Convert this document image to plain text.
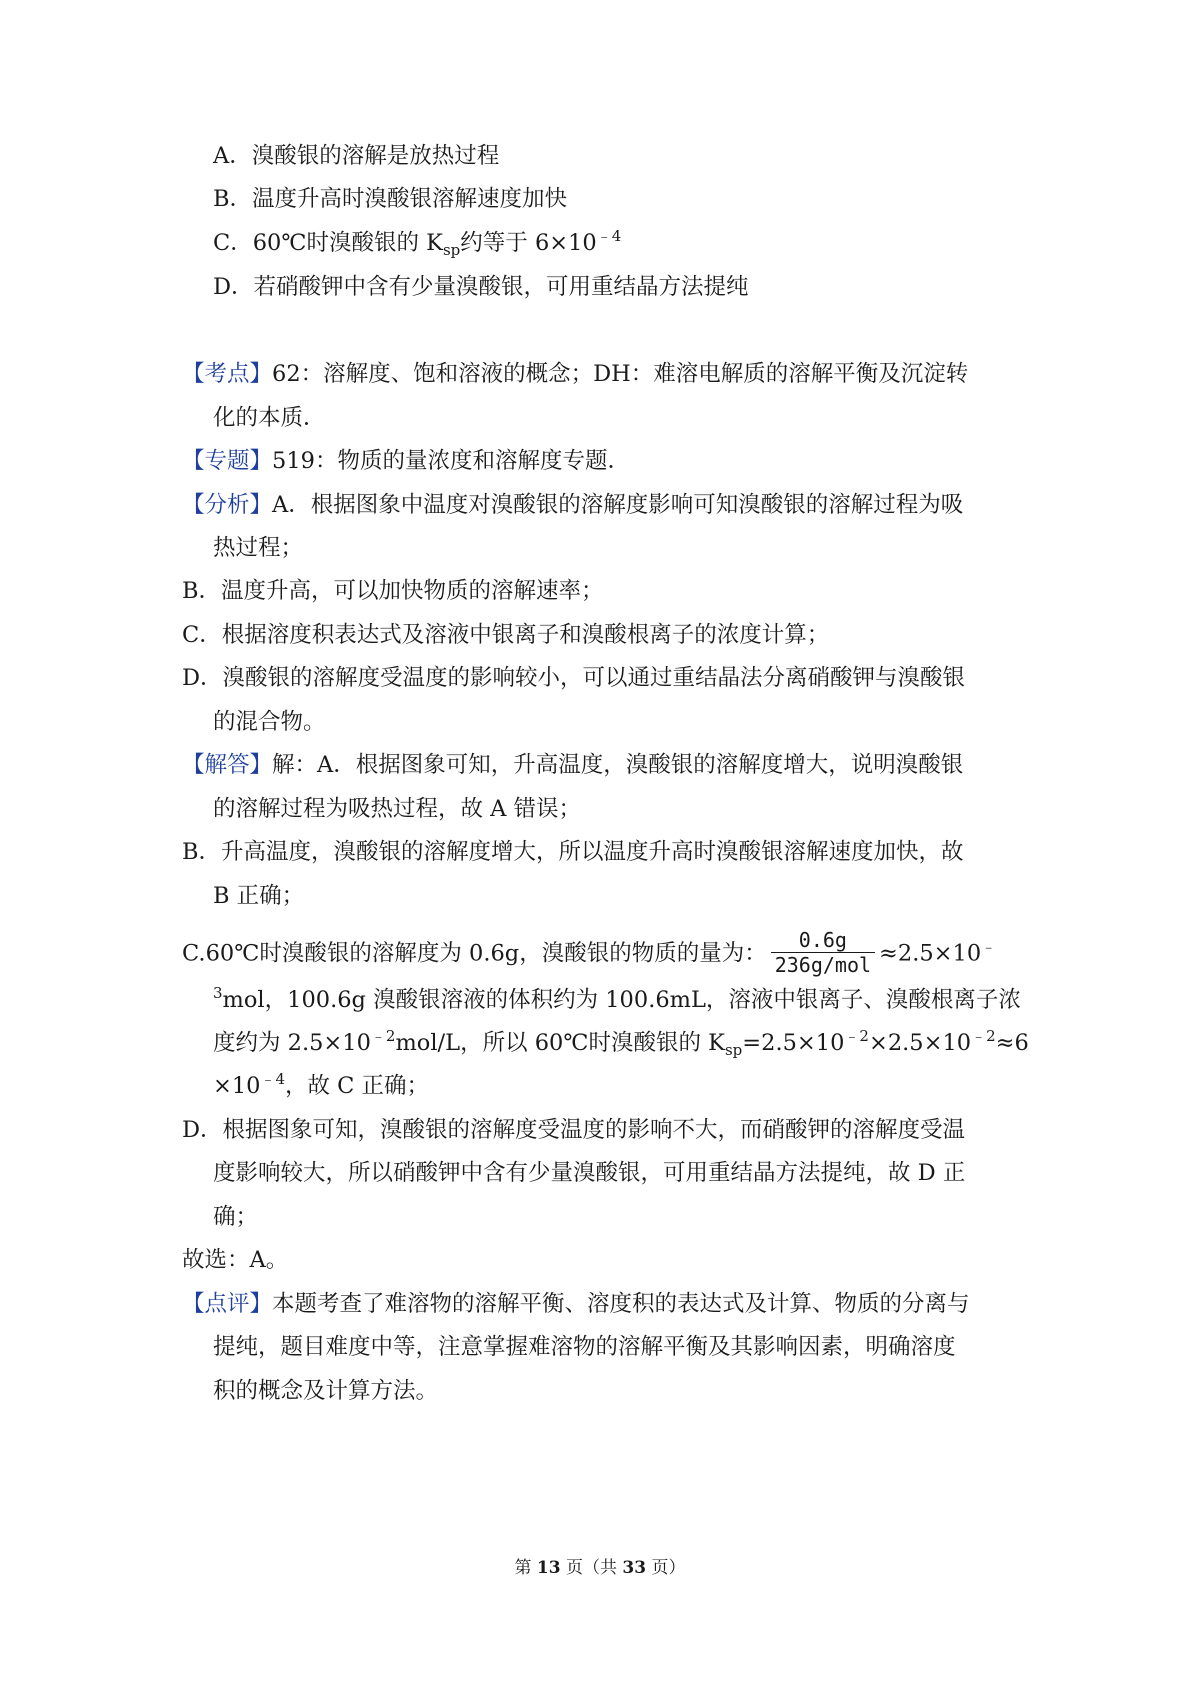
A．溴酸银的溶解是放热过程
B．温度升高时溴酸银溶解速度加快
C．60℃时溴酸银的 $K_{sp}$约等于 $6\times 10^{﹣4}$
D．若硝酸钾中含有少量溴酸银，可用重结晶方法提纯
【考点】62：溶解度、饱和溶液的概念；DH：难溶电解质的溶解平衡及沉淀转
化的本质．
【专题】519：物质的量浓度和溶解度专题．
【分析】A．根据图象中温度对溴酸银的溶解度影响可知溴酸银的溶解过程为吸
热过程；
B．温度升高，可以加快物质的溶解速率；
C．根据溶度积表达式及溶液中银离子和溴酸根离子的浓度计算；
D．溴酸银的溶解度受温度的影响较小，可以通过重结晶法分离硝酸钾与溴酸银
的混合物。
【解答】解：A．根据图象可知，升高温度，溴酸银的溶解度增大，说明溴酸银
的溶解过程为吸热过程，故 A 错误；
B．升高温度，溴酸银的溶解度增大，所以温度升高时溴酸银溶解速度加快，故
B 正确；
C.60℃时溴酸银的溶解度为 0.6g，溴酸银的物质的量为： $\frac{0.6g}{\text{236g/mol}} \approx 2.5\times 10^﹣$
$^3$mol，100.6g 溴酸银溶液的体积约为 100.6mL，溶液中银离子、溴酸根离子浓
度约为 $2.5\times 10^{﹣2}mol/L$，所以 60℃时溴酸银的 $K_{sp}=2.5\times 10^{﹣2}\times 2.5\times 10^{﹣2}\approx 6$
$\times 10^{﹣4}$，故 C 正确；
D．根据图象可知，溴酸银的溶解度受温度的影响不大，而硝酸钾的溶解度受温
度影响较大，所以硝酸钾中含有少量溴酸银，可用重结晶方法提纯，故 D 正
确；
故选：A。
【点评】本题考查了难溶物的溶解平衡、溶度积的表达式及计算、物质的分离与
提纯，题目难度中等，注意掌握难溶物的溶解平衡及其影响因素，明确溶度
积的概念及计算方法。
第 13 页（共 33 页）
